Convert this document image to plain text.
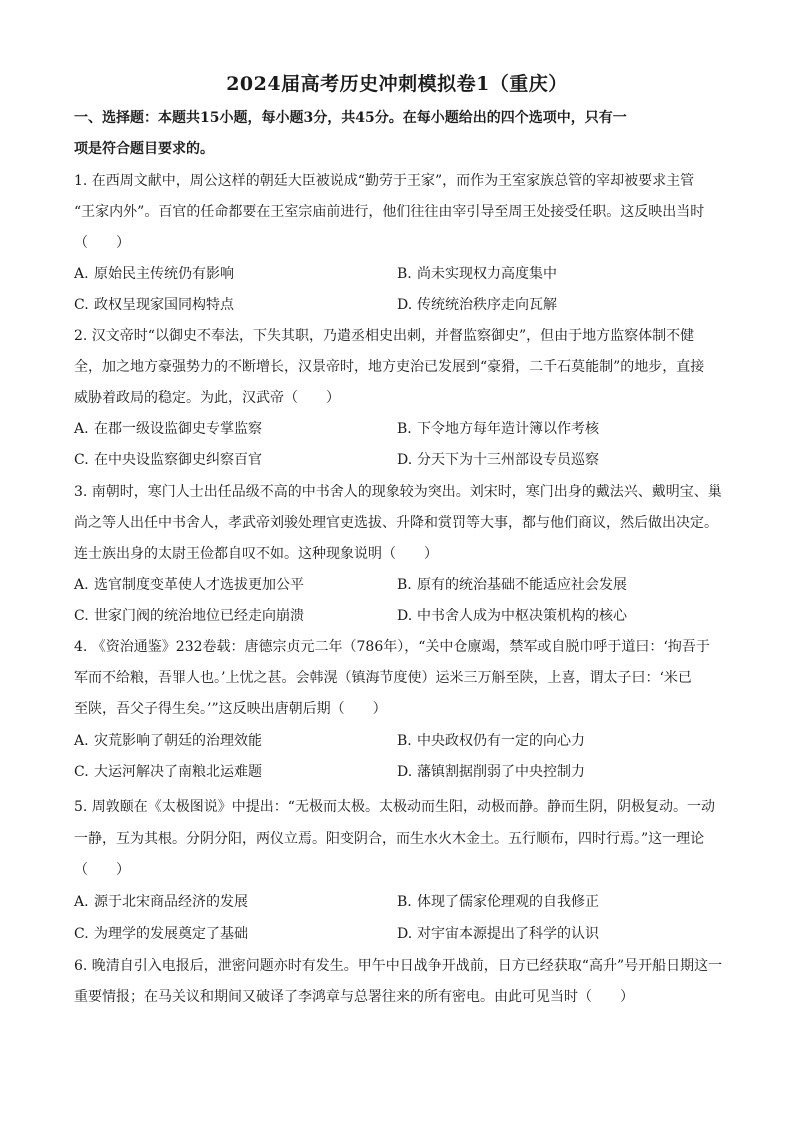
2024届高考历史冲刺模拟卷1（重庆）
一、选择题：本题共15小题，每小题3分，共45分。在每小题给出的四个选项中，只有一
项是符合题目要求的。
1. 在西周文献中，周公这样的朝廷大臣被说成“勤劳于王家”，而作为王室家族总管的宰却被要求主管
“王家内外”。百官的任命都要在王室宗庙前进行，他们往往由宰引导至周王处接受任职。这反映出当时
（　　）
A. 原始民主传统仍有影响	B. 尚未实现权力高度集中
C. 政权呈现家国同构特点	D. 传统统治秩序走向瓦解
2. 汉文帝时“以御史不奉法，下失其职，乃遣丞相史出刺，并督监察御史”，但由于地方监察体制不健
全，加之地方豪强势力的不断增长，汉景帝时，地方吏治已发展到“豪猾，二千石莫能制”的地步，直接
威胁着政局的稳定。为此，汉武帝（　　）
A. 在郡一级设监御史专掌监察	B. 下令地方每年造计簿以作考核
C. 在中央设监察御史纠察百官	D. 分天下为十三州部设专员巡察
3. 南朝时，寒门人士出任品级不高的中书舍人的现象较为突出。刘宋时，寒门出身的戴法兴、戴明宝、巢
尚之等人出任中书舍人，孝武帝刘骏处理官吏选拔、升降和赏罚等大事，都与他们商议，然后做出决定。
连士族出身的太尉王俭都自叹不如。这种现象说明（　　）
A. 选官制度变革使人才选拔更加公平	B. 原有的统治基础不能适应社会发展
C. 世家门阀的统治地位已经走向崩溃	D. 中书舍人成为中枢决策机构的核心
4. 《资治通鉴》232卷载：唐德宗贞元二年（786年），“关中仓廪竭，禁军或自脱巾呼于道曰：‘拘吾于
军而不给粮，吾罪人也。’上忧之甚。会韩滉（镇海节度使）运米三万斛至陕，上喜，谓太子曰：‘米已
至陕，吾父子得生矣。’”这反映出唐朝后期（　　）
A. 灾荒影响了朝廷的治理效能	B. 中央政权仍有一定的向心力
C. 大运河解决了南粮北运难题	D. 藩镇割据削弱了中央控制力
5. 周敦颐在《太极图说》中提出：“无极而太极。太极动而生阳，动极而静。静而生阴，阴极复动。一动
一静，互为其根。分阴分阳，两仪立焉。阳变阴合，而生水火木金土。五行顺布，四时行焉。”这一理论
（　　）
A. 源于北宋商品经济的发展	B. 体现了儒家伦理观的自我修正
C. 为理学的发展奠定了基础	D. 对宇宙本源提出了科学的认识
6. 晚清自引入电报后，泄密问题亦时有发生。甲午中日战争开战前，日方已经获取“高升”号开船日期这一
重要情报；在马关议和期间又破译了李鸿章与总署往来的所有密电。由此可见当时（　　）
